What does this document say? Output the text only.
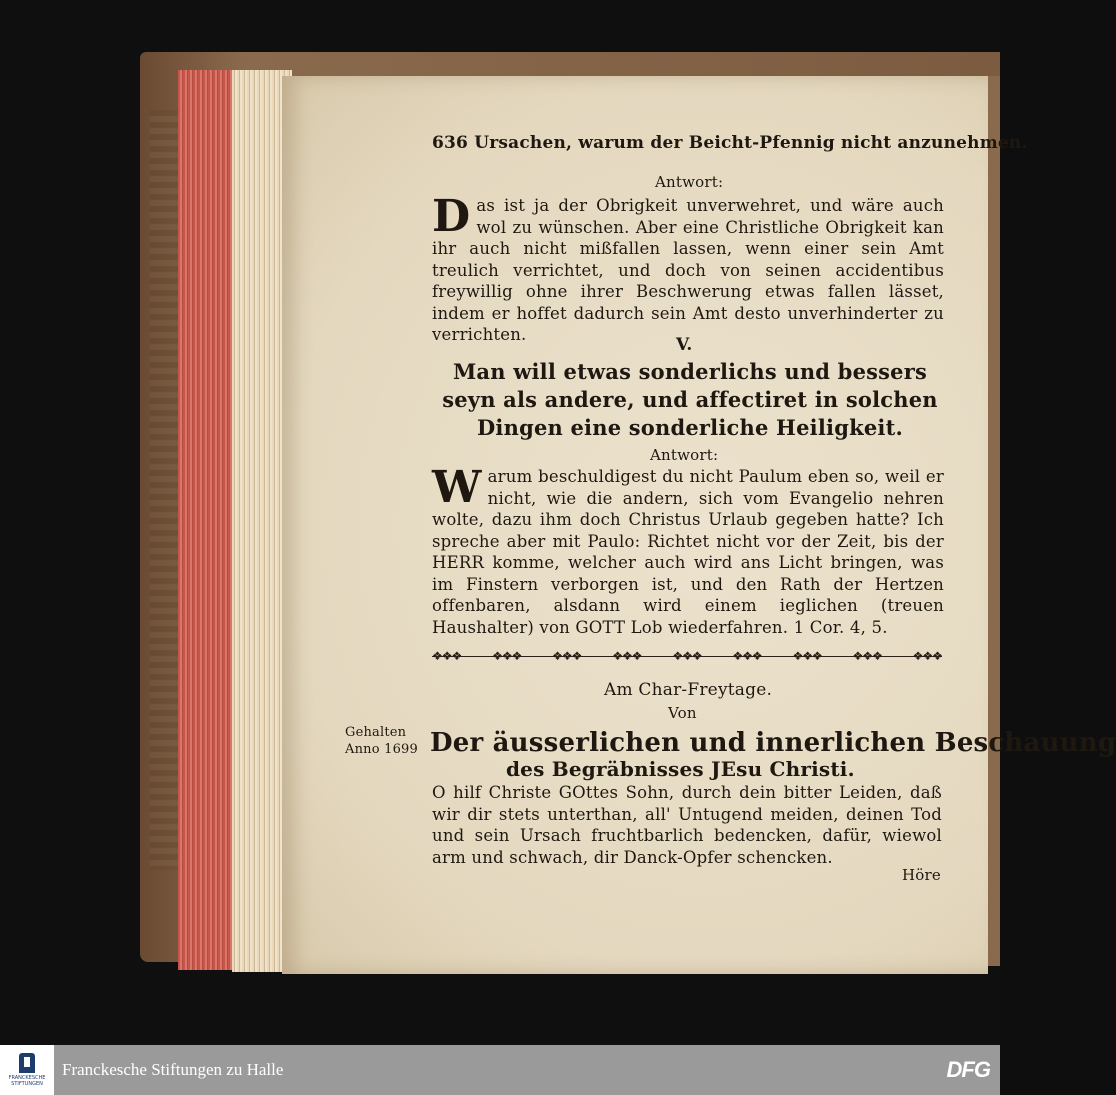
636 Ursachen, warum der Beicht-Pfennig nicht anzunehmen.
Antwort:
D as ist ja der Obrigkeit unverwehret, und wäre auch wol zu wünschen. Aber eine Christliche Obrigkeit kan ihr auch nicht mißfallen lassen, wenn einer sein Amt treulich verrichtet, und doch von seinen accidentibus freywillig ohne ihrer Beschwerung etwas fallen lässet, indem er hoffet dadurch sein Amt desto unverhinderter zu verrichten.

V.
Man will etwas sonderlichs und bessers seyn als andere, und affectiret in solchen Dingen eine sonderliche Heiligkeit.
Antwort:
W arum beschuldigest du nicht Paulum eben so, weil er nicht, wie die andern, sich vom Evangelio nehren wolte, dazu ihm doch Christus Urlaub gegeben hatte? Ich spreche aber mit Paulo: Richtet nicht vor der Zeit, bis der HERR komme, welcher auch wird ans Licht bringen, was im Finstern verborgen ist, und den Rath der Hertzen offenbaren, alsdann wird einem ieglichen (treuen Haushalter) von GOTT Lob wiederfahren. 1 Cor. 4, 5.

❖❖❖	❖❖❖	❖❖❖	❖❖❖	❖❖❖	❖❖❖	❖❖❖	❖❖❖	❖❖❖
Am Char-Freytage.
Von
Gehalten Anno 1699 Der äusserlichen und innerlichen Beschauung
des Begräbnisses JEsu Christi.

O hilf Christe GOttes Sohn, durch dein bitter Leiden, daß wir dir stets unterthan, all' Untugend meiden, deinen Tod und sein Ursach fruchtbarlich bedencken, dafür, wiewol arm und schwach, dir Danck-Opfer schencken.

Höre
FRANCKESCHE STIFTUNGEN
Franckesche Stiftungen zu Halle	DFG
